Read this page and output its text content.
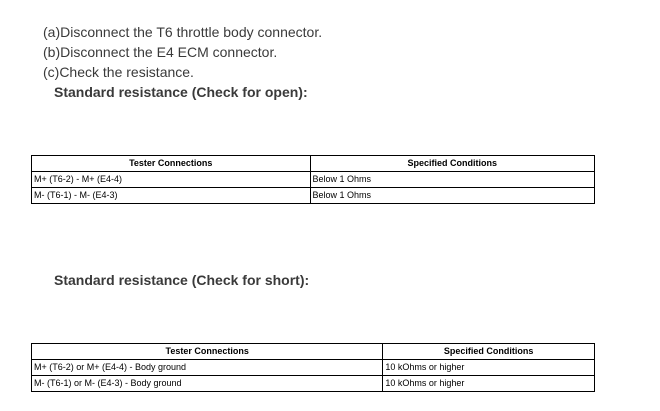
(a)Disconnect the T6 throttle body connector.
(b)Disconnect the E4 ECM connector.
(c)Check the resistance.
Standard resistance (Check for open):
Tester Connections	Specified Conditions
M+ (T6-2) - M+ (E4-4)	Below 1 Ohms
M- (T6-1) - M- (E4-3)	Below 1 Ohms
Standard resistance (Check for short):
Tester Connections	Specified Conditions
M+ (T6-2) or M+ (E4-4) - Body ground	10 kOhms or higher
M- (T6-1) or M- (E4-3) - Body ground	10 kOhms or higher
